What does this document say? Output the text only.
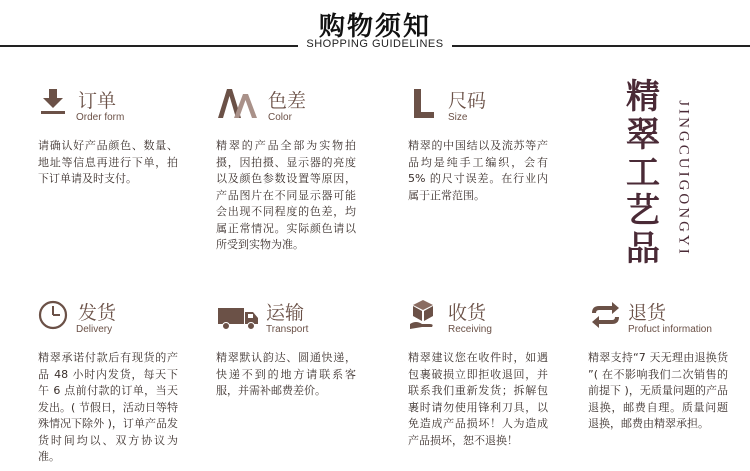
购物须知
SHOPPING GUIDELINES
订单
Order form
请确认好产品颜色、数量、地址等信息再进行下单，拍下订单请及时支付。
色差
Color
精翠的产品全部为实物拍摄，因拍摄、显示器的亮度以及颜色参数设置等原因，产品图片在不同显示器可能会出现不同程度的色差，均属正常情况。实际颜色请以所受到实物为准。
尺码
Size
精翠的中国结以及流苏等产品均是纯手工编织，会有 5% 的尺寸误差。在行业内属于正常范围。
精翠工艺品 JINGCUIGONGYI
发货
Delivery
精翠承诺付款后有现货的产品 48 小时内发货，每天下午 6 点前付款的订单，当天发出。( 节假日，活动日等特殊情况下除外 )，订单产品发货时间均以、双方协议为准。
运输
Transport
精翠默认韵达、圆通快递，快递不到的地方请联系客服，并需补邮费差价。
收货
Receiving
精翠建议您在收件时，如遇包裹破损立即拒收退回，并联系我们重新发货；拆解包裹时请勿使用锋利刀具，以免造成产品损坏！人为造成产品损坏，恕不退换！
退货
Profuct information
精翠支持“7 天无理由退换货 ”( 在不影响我们二次销售的前提下 )，无质量问题的产品退换，邮费自理。质量问题退换，邮费由精翠承担。
